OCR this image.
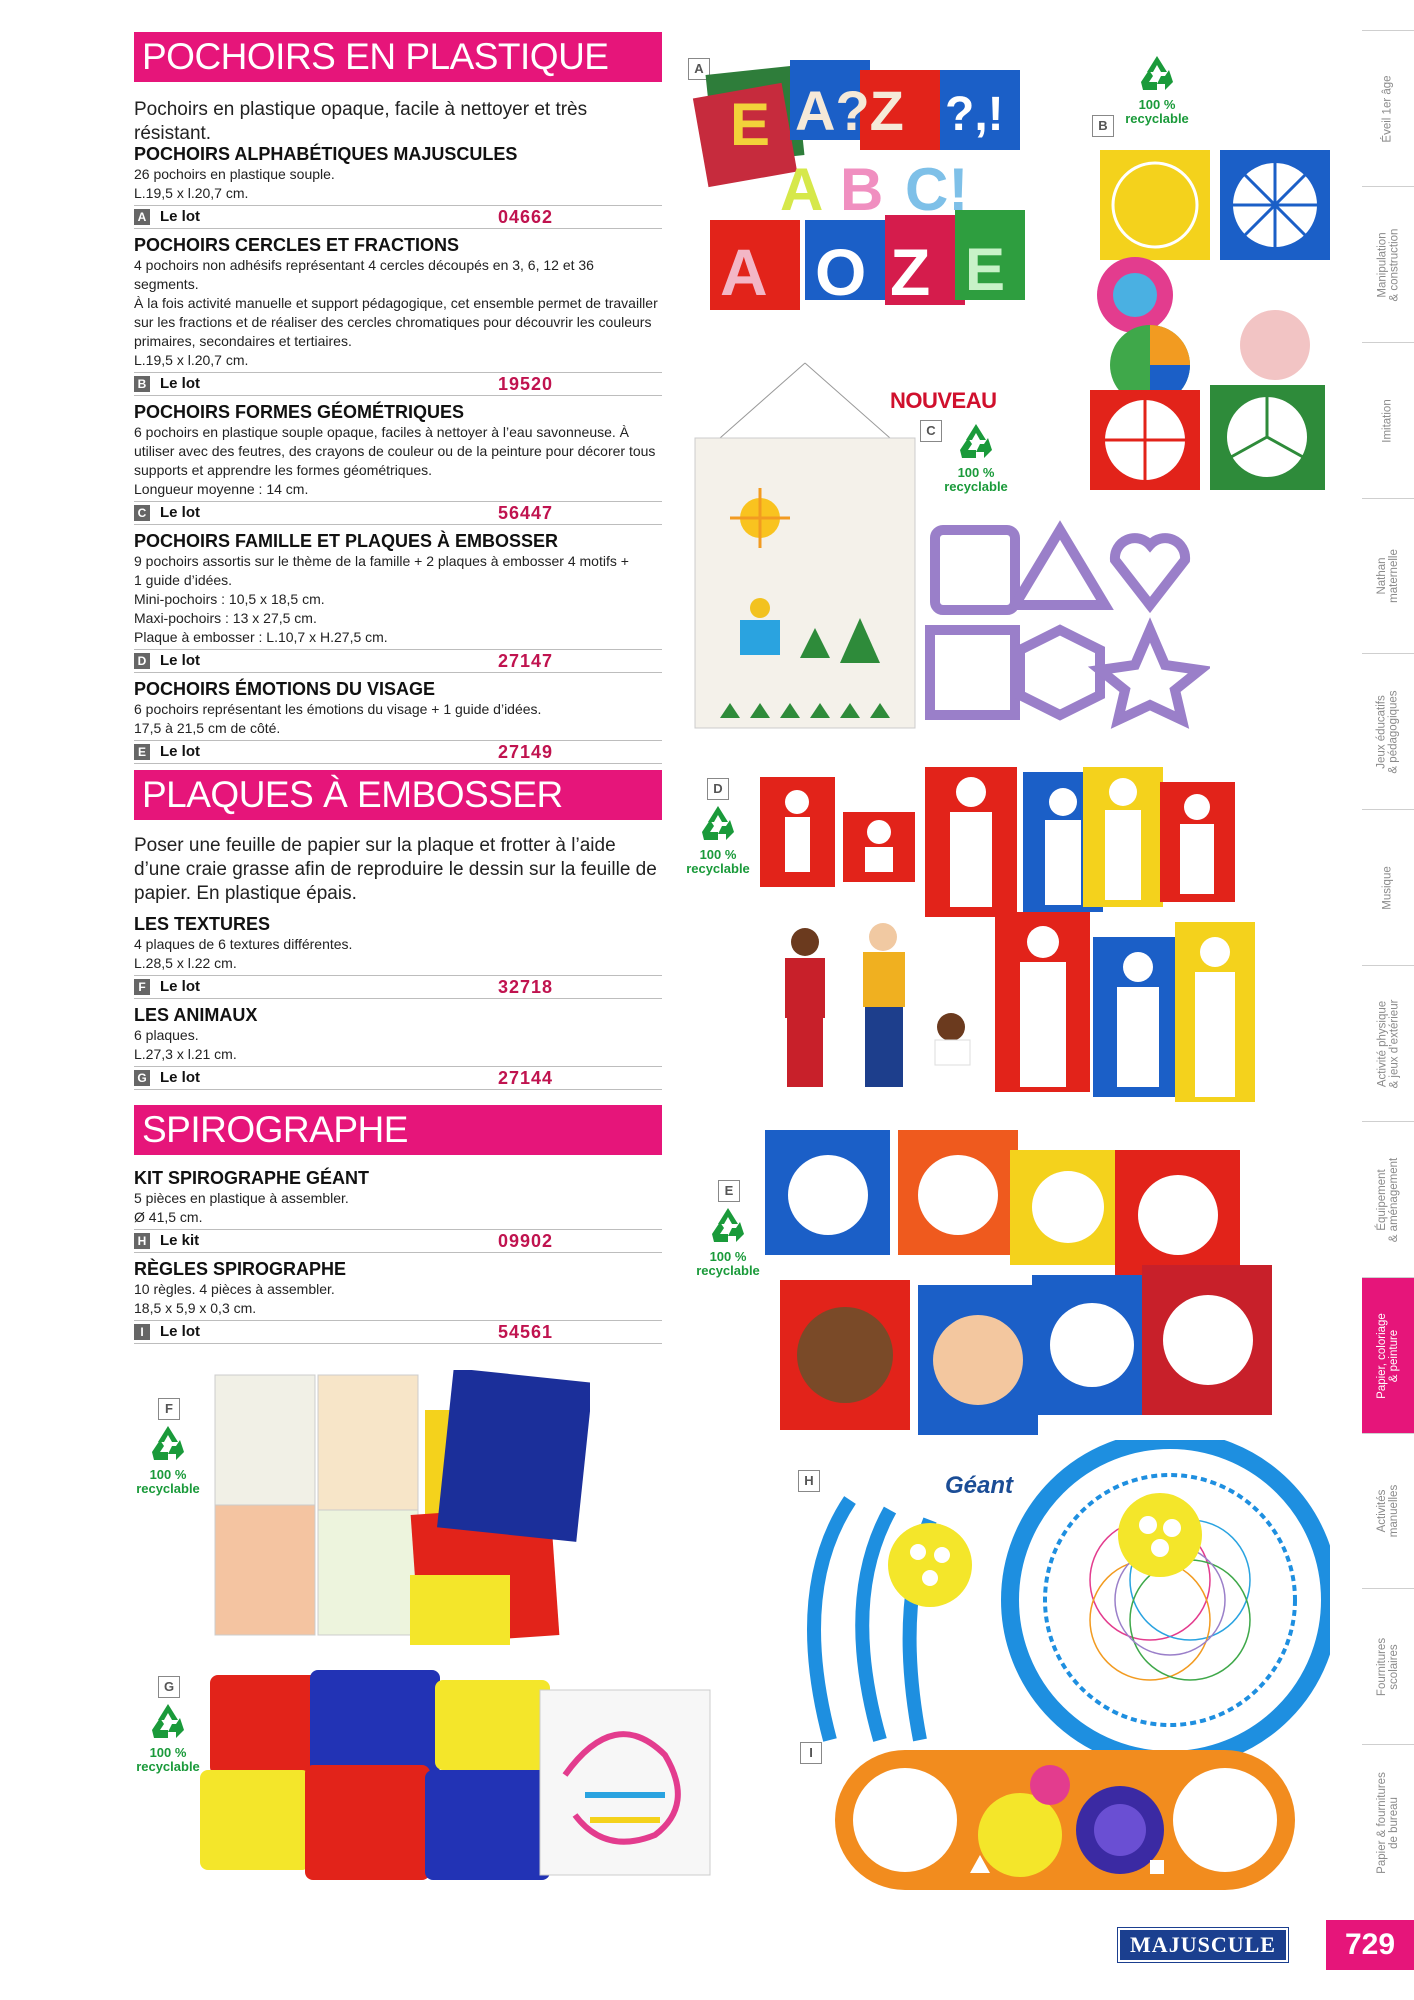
POCHOIRS EN PLASTIQUE
Pochoirs en plastique opaque, facile à nettoyer et très résistant.
POCHOIRS ALPHABÉTIQUES MAJUSCULES
26 pochoirs en plastique souple.
L.19,5 x l.20,7 cm.
A Le lot	04662
POCHOIRS CERCLES ET FRACTIONS
4 pochoirs non adhésifs représentant 4 cercles découpés en 3, 6, 12 et 36 segments.
À la fois activité manuelle et support pédagogique, cet ensemble permet de travailler
sur les fractions et de réaliser des cercles chromatiques pour découvrir les couleurs
primaires, secondaires et tertiaires.
L.19,5 x l.20,7 cm.
B Le lot	19520
POCHOIRS FORMES GÉOMÉTRIQUES
6 pochoirs en plastique souple opaque, faciles à nettoyer à l’eau savonneuse. À
utiliser avec des feutres, des crayons de couleur ou de la peinture pour décorer tous
supports et apprendre les formes géométriques.
Longueur moyenne : 14 cm.
C Le lot	56447
POCHOIRS FAMILLE ET PLAQUES À EMBOSSER
9 pochoirs assortis sur le thème de la famille + 2 plaques à embosser 4 motifs +
1 guide d’idées.
Mini-pochoirs : 10,5 x 18,5 cm.
Maxi-pochoirs : 13 x 27,5 cm.
Plaque à embosser : L.10,7 x H.27,5 cm.
D Le lot	27147
POCHOIRS ÉMOTIONS DU VISAGE
6 pochoirs représentant les émotions du visage + 1 guide d’idées.
17,5 à 21,5 cm de côté.
E Le lot	27149
PLAQUES À EMBOSSER
Poser une feuille de papier sur la plaque et frotter à l’aide d’une craie grasse afin de reproduire le dessin sur la feuille de papier. En plastique épais.
LES TEXTURES
4 plaques de 6 textures différentes.
L.28,5 x l.22 cm.
F Le lot	32718
LES ANIMAUX
6 plaques.
L.27,3 x l.21 cm.
G Le lot	27144
SPIROGRAPHE
KIT SPIROGRAPHE GÉANT
5 pièces en plastique à assembler.
Ø 41,5 cm.
H Le kit	09902
RÈGLES SPIROGRAPHE
10 règles. 4 pièces à assembler.
18,5 x 5,9 x 0,3 cm.
I	Le lot	54561
A
E A?Z ?,!
A B C!
A O Z E
100 %
recyclable
B
NOUVEAU
C
100 %
recyclable
D
100 %
recyclable
E
100 %
recyclable
F
100 %
recyclable
G
100 %
recyclable
H	Géant
I
Éveil 1er âge
Manipulation
& construction
Imitation
Nathan
maternelle
Jeux éducatifs
& pédagogiques
Musique
Activité physique
& jeux d’extérieur
Équipement
& aménagement
Papier, coloriage
& peinture
Activités
manuelles
Fournitures
scolaires
Papier & fournitures
de bureau
MAJUSCULE	729
